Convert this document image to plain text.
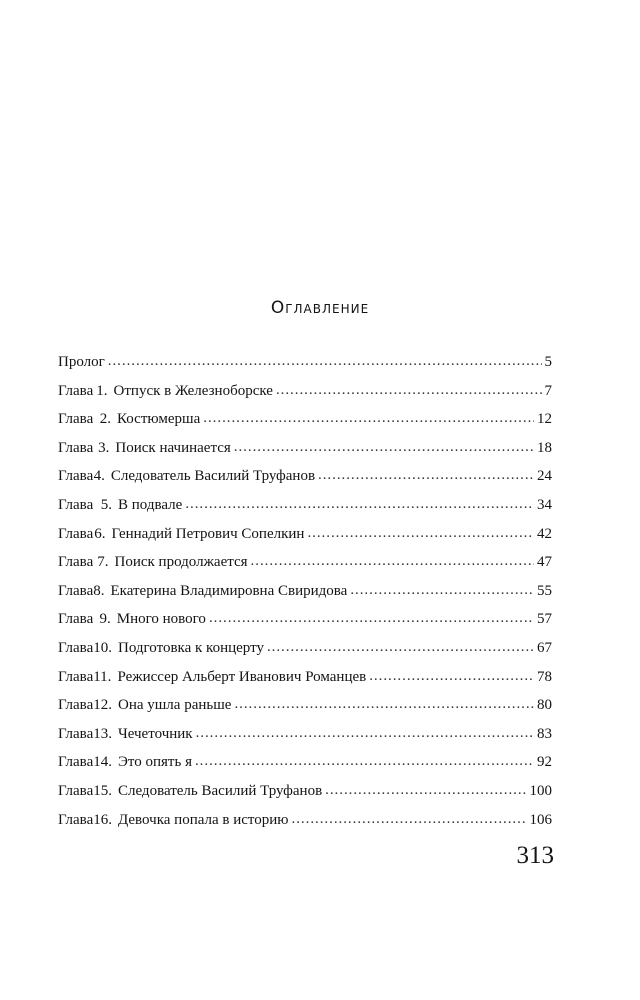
Оглавление
Пролог . . .	5
Глава 1. Отпуск в Железноборске . . .	7
Глава 2. Костюмерша . . .	12
Глава 3. Поиск начинается . . .	18
Глава 4. Следователь Василий Труфанов . . .	24
Глава 5. В подвале . . .	34
Глава 6. Геннадий Петрович Сопелкин . . .	42
Глава 7. Поиск продолжается . . .	47
Глава 8. Екатерина Владимировна Свиридова . . .	55
Глава 9. Много нового . . .	57
Глава 10. Подготовка к концерту . . .	67
Глава 11. Режиссер Альберт Иванович Романцев . . .	78
Глава 12. Она ушла раньше . . .	80
Глава 13. Чечеточник . . .	83
Глава 14. Это опять я . . .	92
Глава 15. Следователь Василий Труфанов . . .	100
Глава 16. Девочка попала в историю . . .	106
313
